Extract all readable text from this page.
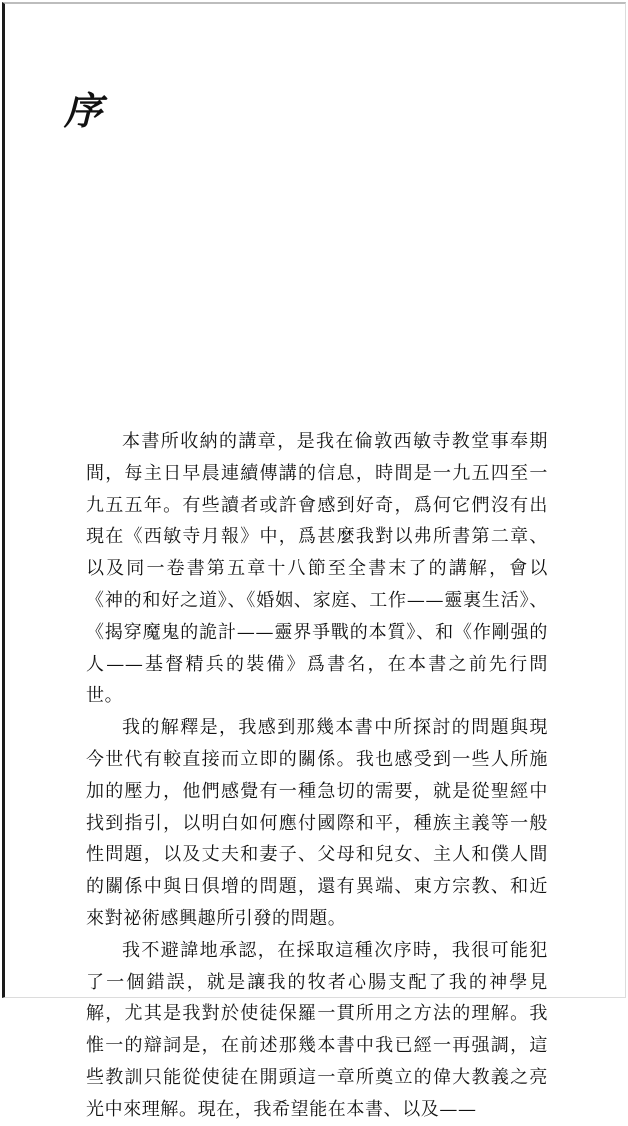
序

本書所收納的講章，是我在倫敦西敏寺教堂事奉期間，每主日早晨連續傳講的信息，時間是一九五四至一九五五年。有些讀者或許會感到好奇，爲何它們沒有出現在《西敏寺月報》中，爲甚麼我對以弗所書第二章、以及同一卷書第五章十八節至全書末了的講解，會以《神的和好之道》、《婚姻、家庭、工作——靈裏生活》、《揭穿魔鬼的詭計——靈界爭戰的本質》、和《作剛强的人——基督精兵的裝備》爲書名，在本書之前先行問世。

我的解釋是，我感到那幾本書中所探討的問題與現今世代有較直接而立即的關係。我也感受到一些人所施加的壓力，他們感覺有一種急切的需要，就是從聖經中找到指引，以明白如何應付國際和平，種族主義等一般性問題，以及丈夫和妻子、父母和兒女、主人和僕人間的關係中與日俱增的問題，還有異端、東方宗教、和近來對祕術感興趣所引發的問題。

我不避諱地承認，在採取這種次序時，我很可能犯了一個錯誤，就是讓我的牧者心腸支配了我的神學見解，尤其是我對於使徒保羅一貫所用之方法的理解。我惟一的辯詞是，在前述那幾本書中我已經一再强調，這些教訓只能從使徒在開頭這一章所奠立的偉大教義之亮光中來理解。現在，我希望能在本書、以及——
